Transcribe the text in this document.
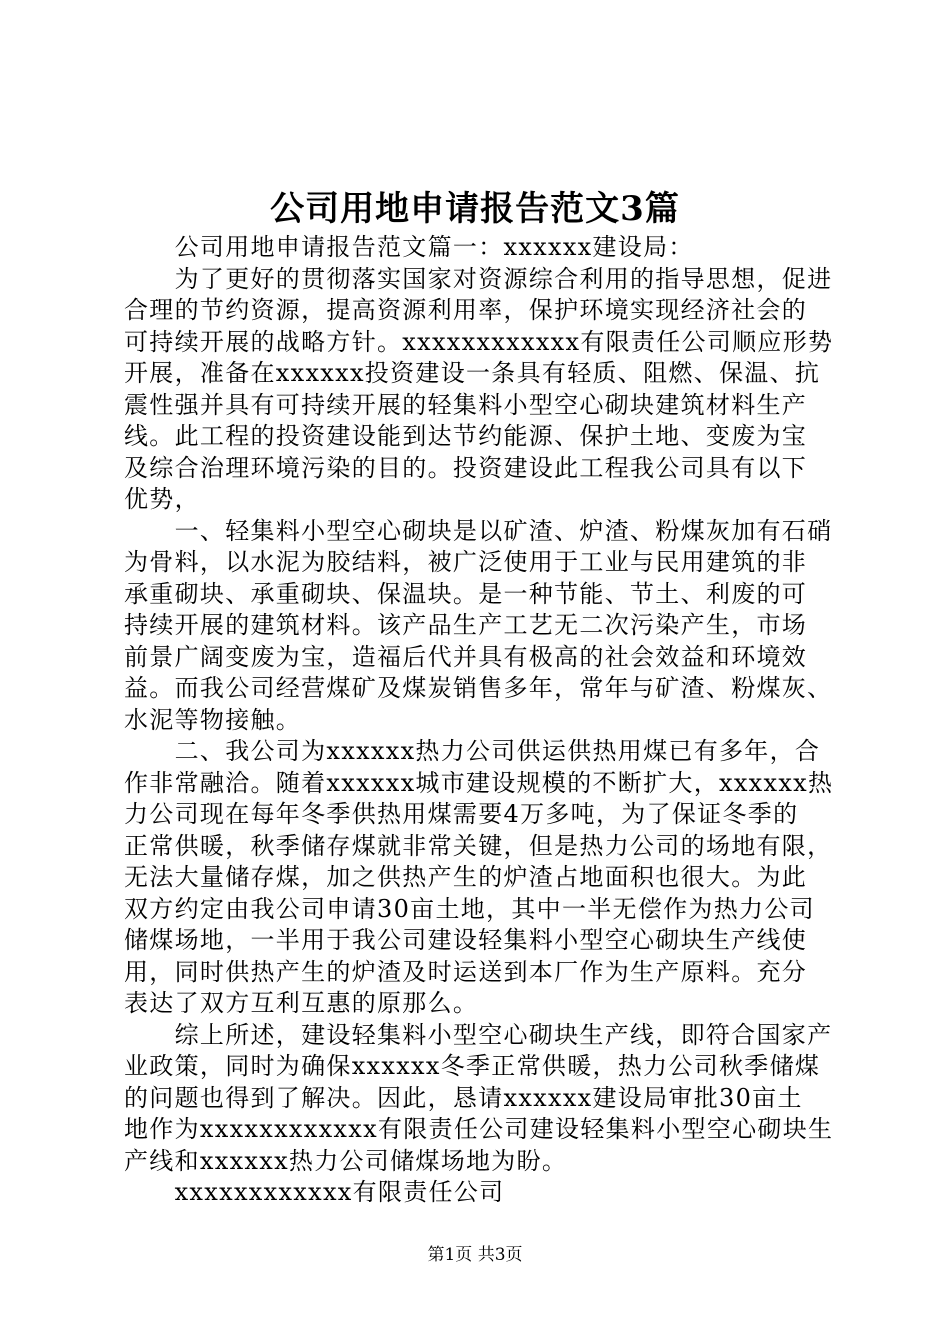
公司用地申请报告范文3篇
　　公司用地申请报告范文篇一：xxxxxx建设局：
　　为了更好的贯彻落实国家对资源综合利用的指导思想，促进
合理的节约资源，提高资源利用率，保护环境实现经济社会的
可持续开展的战略方针。xxxxxxxxxxxx有限责任公司顺应形势
开展，准备在xxxxxx投资建设一条具有轻质、阻燃、保温、抗
震性强并具有可持续开展的轻集料小型空心砌块建筑材料生产
线。此工程的投资建设能到达节约能源、保护土地、变废为宝
及综合治理环境污染的目的。投资建设此工程我公司具有以下
优势，
　　一、轻集料小型空心砌块是以矿渣、炉渣、粉煤灰加有石硝
为骨料，以水泥为胶结料，被广泛使用于工业与民用建筑的非
承重砌块、承重砌块、保温块。是一种节能、节土、利废的可
持续开展的建筑材料。该产品生产工艺无二次污染产生，市场
前景广阔变废为宝，造福后代并具有极高的社会效益和环境效
益。而我公司经营煤矿及煤炭销售多年，常年与矿渣、粉煤灰、
水泥等物接触。
　　二、我公司为xxxxxx热力公司供运供热用煤已有多年，合
作非常融洽。随着xxxxxx城市建设规模的不断扩大，xxxxxx热
力公司现在每年冬季供热用煤需要4万多吨，为了保证冬季的
正常供暖，秋季储存煤就非常关键，但是热力公司的场地有限，
无法大量储存煤，加之供热产生的炉渣占地面积也很大。为此
双方约定由我公司申请30亩土地，其中一半无偿作为热力公司
储煤场地，一半用于我公司建设轻集料小型空心砌块生产线使
用，同时供热产生的炉渣及时运送到本厂作为生产原料。充分
表达了双方互利互惠的原那么。
　　综上所述，建设轻集料小型空心砌块生产线，即符合国家产
业政策，同时为确保xxxxxx冬季正常供暖，热力公司秋季储煤
的问题也得到了解决。因此，恳请xxxxxx建设局审批30亩土
地作为xxxxxxxxxxxx有限责任公司建设轻集料小型空心砌块生
产线和xxxxxx热力公司储煤场地为盼。
　　xxxxxxxxxxxx有限责任公司
第1页 共3页
